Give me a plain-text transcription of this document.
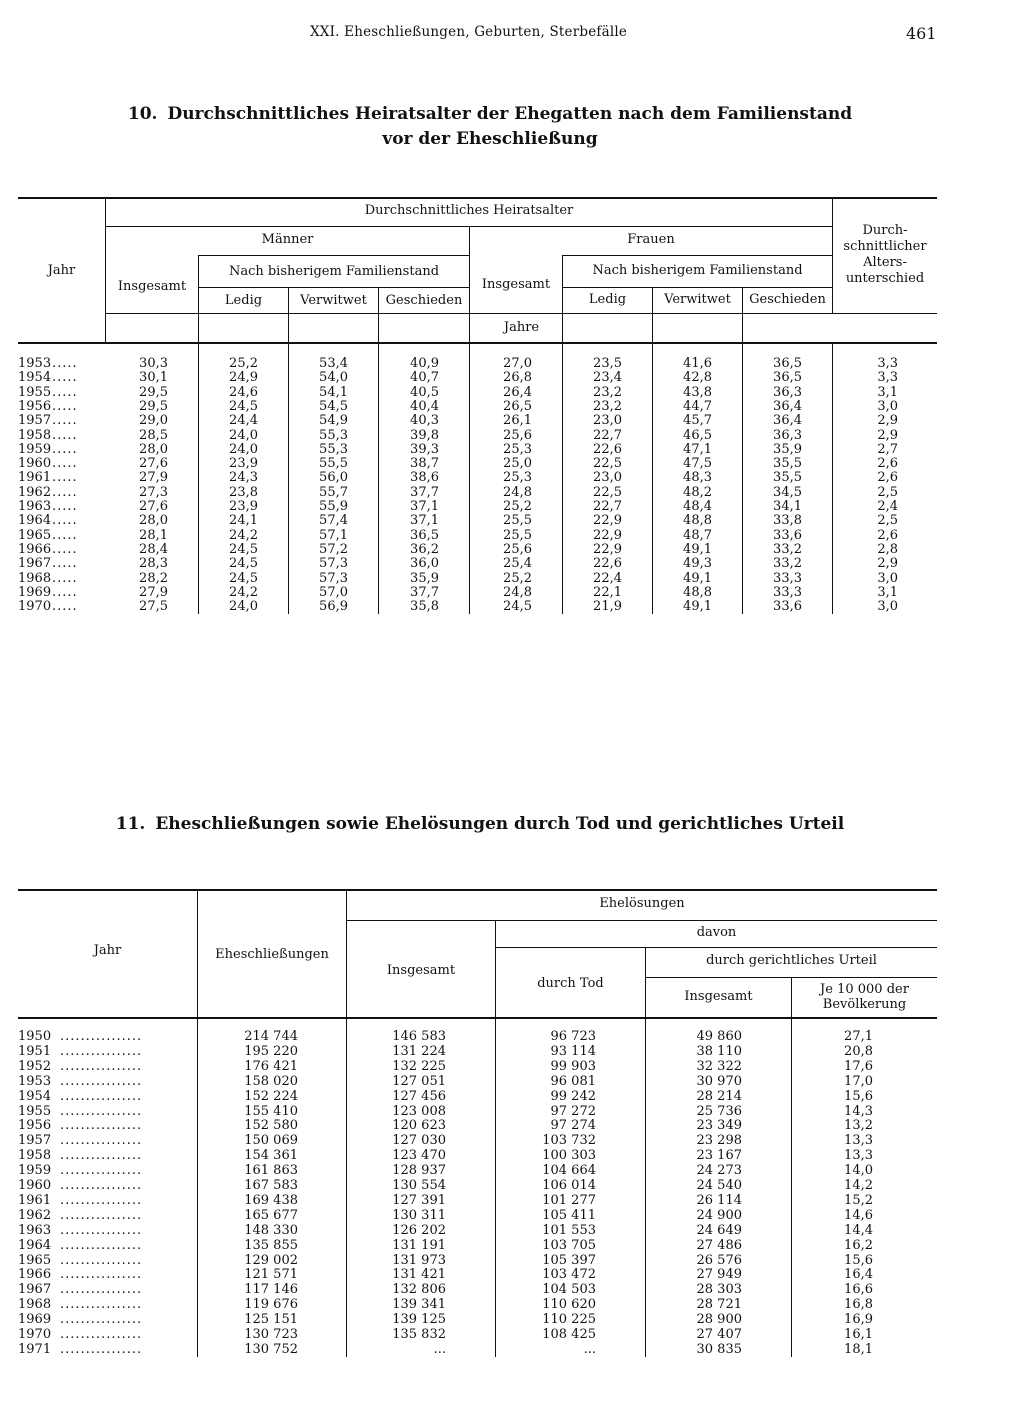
XXI. Eheschließungen, Geburten, Sterbefälle	461
10. Durchschnittliches Heiratsalter der Ehegatten nach dem Familienstand
vor der Eheschließung
Jahr
Durchschnittliches Heiratsalter
Männer	Frauen
Insgesamt
Nach bisherigem Familienstand
Ledig	Verwitwet	Geschieden
Insgesamt
Nach bisherigem Familienstand
Ledig	Verwitwet	Geschieden
Durch-
schnittlicher
Alters-
unterschied
Jahre
1953 .....	30,3	25,2	53,4	40,9	27,0	23,5	41,6	36,5	3,3
1954 .....	30,1	24,9	54,0	40,7	26,8	23,4	42,8	36,5	3,3
1955 .....	29,5	24,6	54,1	40,5	26,4	23,2	43,8	36,3	3,1
1956 .....	29,5	24,5	54,5	40,4	26,5	23,2	44,7	36,4	3,0
1957 .....	29,0	24,4	54,9	40,3	26,1	23,0	45,7	36,4	2,9
1958 .....	28,5	24,0	55,3	39,8	25,6	22,7	46,5	36,3	2,9
1959 .....	28,0	24,0	55,3	39,3	25,3	22,6	47,1	35,9	2,7
1960 .....	27,6	23,9	55,5	38,7	25,0	22,5	47,5	35,5	2,6
1961 .....	27,9	24,3	56,0	38,6	25,3	23,0	48,3	35,5	2,6
1962 .....	27,3	23,8	55,7	37,7	24,8	22,5	48,2	34,5	2,5
1963 .....	27,6	23,9	55,9	37,1	25,2	22,7	48,4	34,1	2,4
1964 .....	28,0	24,1	57,4	37,1	25,5	22,9	48,8	33,8	2,5
1965 .....	28,1	24,2	57,1	36,5	25,5	22,9	48,7	33,6	2,6
1966 .....	28,4	24,5	57,2	36,2	25,6	22,9	49,1	33,2	2,8
1967 .....	28,3	24,5	57,3	36,0	25,4	22,6	49,3	33,2	2,9
1968 .....	28,2	24,5	57,3	35,9	25,2	22,4	49,1	33,3	3,0
1969 .....	27,9	24,2	57,0	37,7	24,8	22,1	48,8	33,3	3,1
1970 .....	27,5	24,0	56,9	35,8	24,5	21,9	49,1	33,6	3,0
11. Eheschließungen sowie Ehelösungen durch Tod und gerichtliches Urteil
Jahr	Eheschließungen
Ehelösungen
Insgesamt
davon
durch Tod
durch gerichtliches Urteil
Insgesamt	Je 10 000 der
Bevölkerung
1950 ................	214 744	146 583	96 723	49 860	27,1
1951 ................	195 220	131 224	93 114	38 110	20,8
1952 ................	176 421	132 225	99 903	32 322	17,6
1953 ................	158 020	127 051	96 081	30 970	17,0
1954 ................	152 224	127 456	99 242	28 214	15,6
1955 ................	155 410	123 008	97 272	25 736	14,3
1956 ................	152 580	120 623	97 274	23 349	13,2
1957 ................	150 069	127 030	103 732	23 298	13,3
1958 ................	154 361	123 470	100 303	23 167	13,3
1959 ................	161 863	128 937	104 664	24 273	14,0
1960 ................	167 583	130 554	106 014	24 540	14,2
1961 ................	169 438	127 391	101 277	26 114	15,2
1962 ................	165 677	130 311	105 411	24 900	14,6
1963 ................	148 330	126 202	101 553	24 649	14,4
1964 ................	135 855	131 191	103 705	27 486	16,2
1965 ................	129 002	131 973	105 397	26 576	15,6
1966 ................	121 571	131 421	103 472	27 949	16,4
1967 ................	117 146	132 806	104 503	28 303	16,6
1968 ................	119 676	139 341	110 620	28 721	16,8
1969 ................	125 151	139 125	110 225	28 900	16,9
1970 ................	130 723	135 832	108 425	27 407	16,1
1971 ................	130 752	...	...	30 835	18,1
